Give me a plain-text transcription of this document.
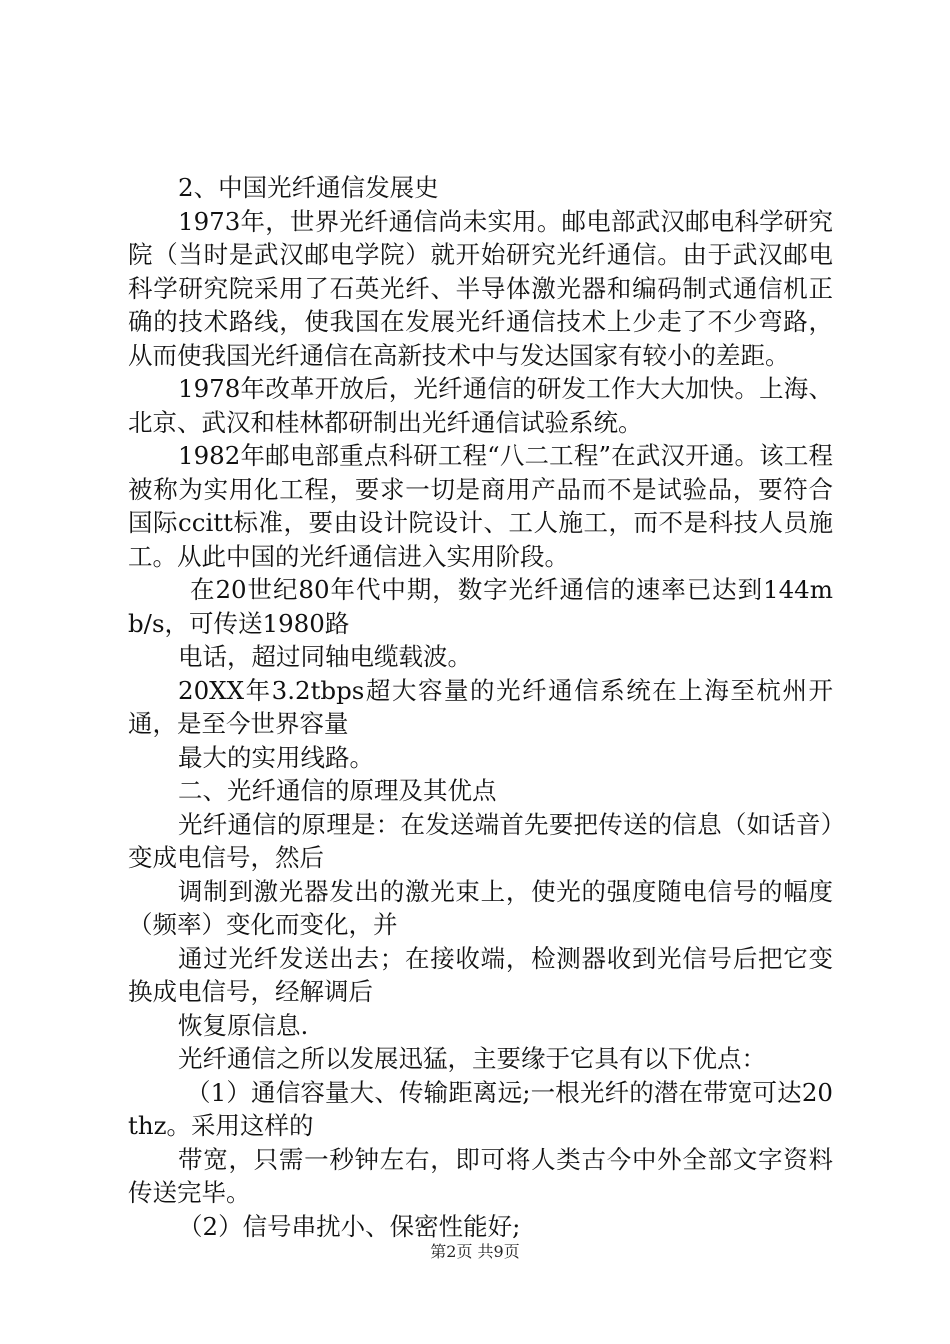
2、中国光纤通信发展史

1973年，世界光纤通信尚未实用。邮电部武汉邮电科学研究院（当时是武汉邮电学院）就开始研究光纤通信。由于武汉邮电科学研究院采用了石英光纤、半导体激光器和编码制式通信机正确的技术路线，使我国在发展光纤通信技术上少走了不少弯路，从而使我国光纤通信在高新技术中与发达国家有较小的差距。

1978年改革开放后，光纤通信的研发工作大大加快。上海、北京、武汉和桂林都研制出光纤通信试验系统。

1982年邮电部重点科研工程“八二工程”在武汉开通。该工程被称为实用化工程，要求一切是商用产品而不是试验品，要符合国际ccitt标准，要由设计院设计、工人施工，而不是科技人员施工。从此中国的光纤通信进入实用阶段。

在20世纪80年代中期，数字光纤通信的速率已达到144mb/s，可传送1980路

电话，超过同轴电缆载波。

20XX年3.2tbps超大容量的光纤通信系统在上海至杭州开通，是至今世界容量

最大的实用线路。

二、光纤通信的原理及其优点

光纤通信的原理是：在发送端首先要把传送的信息（如话音）变成电信号，然后

调制到激光器发出的激光束上，使光的强度随电信号的幅度（频率）变化而变化，并

通过光纤发送出去；在接收端，检测器收到光信号后把它变换成电信号，经解调后

恢复原信息.

光纤通信之所以发展迅猛，主要缘于它具有以下优点：

（1）通信容量大、传输距离远;一根光纤的潜在带宽可达20thz。采用这样的

带宽，只需一秒钟左右，即可将人类古今中外全部文字资料传送完毕。

（2）信号串扰小、保密性能好;

第2页 共9页
